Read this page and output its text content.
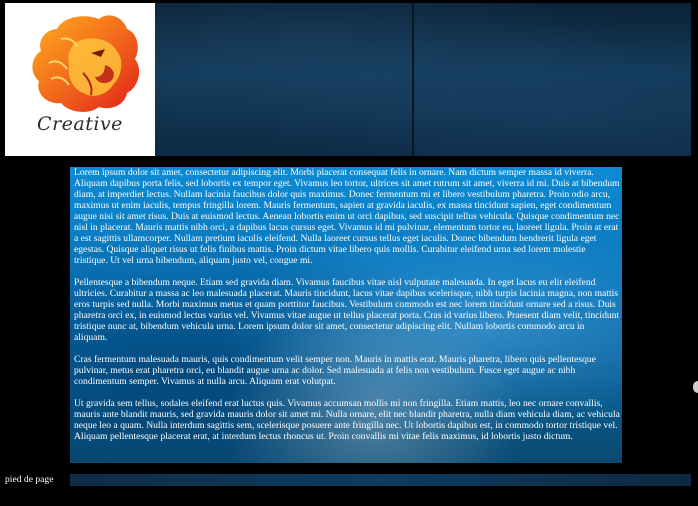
Creative

Lorem ipsum dolor sit amet, consectetur adipiscing elit. Morbi placerat consequat felis in ornare. Nam dictum semper massa id viverra. Aliquam dapibus porta felis, sed lobortis ex tempor eget. Vivamus leo tortor, ultrices sit amet rutrum sit amet, viverra id mi. Duis at bibendum diam, at imperdiet lectus. Nullam lacinia faucibus dolor quis maximus. Donec fermentum mi et libero vestibulum pharetra. Proin odio arcu, maximus ut enim iaculis, tempus fringilla lorem. Mauris fermentum, sapien at gravida iaculis, ex massa tincidunt sapien, eget condimentum augue nisi sit amet risus. Duis at euismod lectus. Aenean lobortis enim ut orci dapibus, sed suscipit tellus vehicula. Quisque condimentum nec nisl in placerat. Mauris mattis nibh orci, a dapibus lacus cursus eget. Vivamus id mi pulvinar, elementum tortor eu, laoreet ligula. Proin at erat a est sagittis ullamcorper. Nullam pretium iaculis eleifend. Nulla laoreet cursus tellus eget iaculis. Donec bibendum hendrerit ligula eget egestas. Quisque aliquet risus ut felis finibus mattis. Proin dictum vitae libero quis mollis. Curabitur eleifend urna sed lorem molestie tristique. Ut vel urna bibendum, aliquam justo vel, congue mi.

Pellentesque a bibendum neque. Etiam sed gravida diam. Vivamus faucibus vitae nisl vulputate malesuada. In eget lacus eu elit eleifend ultricies. Curabitur a massa ac leo malesuada placerat. Mauris tincidunt, lacus vitae dapibus scelerisque, nibh turpis lacinia magna, non mattis eros turpis sed nulla. Morbi maximus metus et quam porttitor faucibus. Vestibulum commodo est nec lorem tincidunt ornare sed a risus. Duis pharetra orci ex, in euismod lectus varius vel. Vivamus vitae augue ut tellus placerat porta. Cras id varius libero. Praesent diam velit, tincidunt tristique nunc at, bibendum vehicula urna. Lorem ipsum dolor sit amet, consectetur adipiscing elit. Nullam lobortis commodo arcu in aliquam.

Cras fermentum malesuada mauris, quis condimentum velit semper non. Mauris in mattis erat. Mauris pharetra, libero quis pellentesque pulvinar, metus erat pharetra orci, eu blandit augue urna ac dolor. Sed malesuada at felis non vestibulum. Fusce eget augue ac nibh condimentum semper. Vivamus at nulla arcu. Aliquam erat volutpat.

Ut gravida sem tellus, sodales eleifend erat luctus quis. Vivamus accumsan mollis mi non fringilla. Etiam mattis, leo nec ornare convallis, mauris ante blandit mauris, sed gravida mauris dolor sit amet mi. Nulla ornare, elit nec blandit pharetra, nulla diam vehicula diam, ac vehicula neque leo a quam. Nulla interdum sagittis sem, scelerisque posuere ante fringilla nec. Ut lobortis dapibus est, in commodo tortor tristique vel. Aliquam pellentesque placerat erat, at interdum lectus rhoncus ut. Proin convallis mi vitae felis maximus, id lobortis justo dictum.

pied de page
